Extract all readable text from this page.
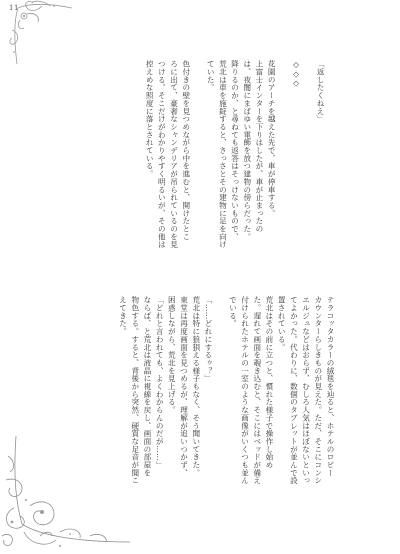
11
「返したくねえ」
◇◇◇
花園のアーチを越えた先で、車が停車する。
上富士インターを下りはしたが、車が止まったの
は、夜闇にまばゆい電飾を放つ建物の傍らだった。
降りるのか、と尋ねても返答はそっけないもので、
荒北は車を施錠すると、さっさとその建物に足を向け
ていた。
色付きの壁を見つめながら中を進むと、開けたとこ
ろに出て、豪奢なシャンデリアが吊られているのを見
つける。そこだけがわかりやすく明るいが、その他は
控えめな照度に落とされている。
テラコッタカラーの絨毯を辿ると、ホテルのロビー
カウンターらしきものが見えた。ただ、そこにコンシ
エルジュなどはおらず、むしろ人気はほぼないといっ
てよかった。代わりに、数個のタブレットが並んで設
置されている。
荒北はその前に立つと、慣れた様子で操作し始め
た。遅れて画面を覗き込むと、そこにはベッドが備え
付けられたホテルの一室のような画像がいくつも並ん
でいる。
「……どれにするゥ？」
荒北は特に狼狽える様子もなく、そう聞いてきた。
東堂は再度画面を見つめるが、理解が追いつかず、
困惑しながら、荒北を見上げる。
「どれと言われても、よくわからんのだが……」
ならば、と荒北は液晶に視線を戻し、画面の部屋を
物色する。すると、背後から突然、硬質な足音が聞こ
えてきた。
